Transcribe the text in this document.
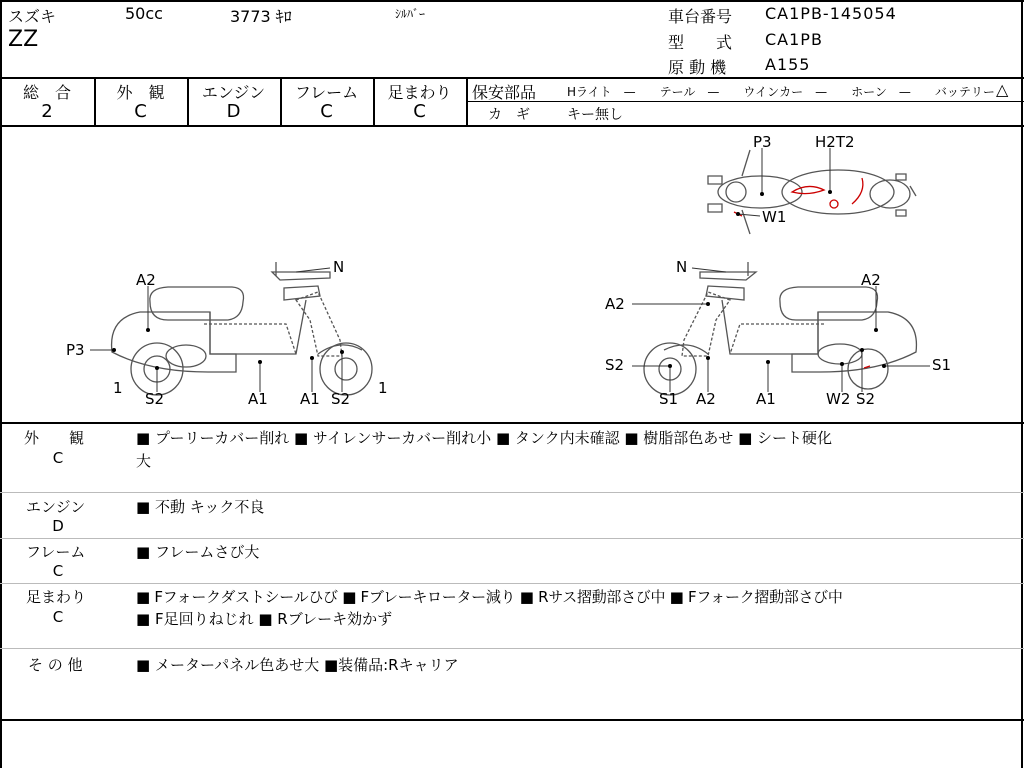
スズキ	50cc	3773 ｷﾛ	ｼﾙﾊﾞｰ
ZZ
車台番号 CA1PB-145054
型　　式 CA1PB
原 動 機 A155
総　合	外　観	エンジン	フレーム	足まわり
2	C	D	C	C
保安部品	Hライト　—　　テール　—　　ウインカー　—　　ホーン　—　　バッテリー △
カ　ギ	キー無し
A2
N
P3
1
S2	A1 A1 S2
1
N
A2
A2
S2
S1 A2	A1	W2 S2
S1
P3	H2T2
W1
外　　観
C
■ プーリーカバー削れ ■ サイレンサーカバー削れ小 ■ タンク内未確認 ■ 樹脂部色あせ ■ シート硬化
大
エンジン
D
■ 不動 キック不良
フレーム
C
■ フレームさび大
足まわり
C
■ Fフォークダストシールひび ■ Fブレーキローター減り ■ Rサス摺動部さび中 ■ Fフォーク摺動部さび中
■ F足回りねじれ ■ Rブレーキ効かず
そ の 他	■ メーターパネル色あせ大 ■装備品:Rキャリア
